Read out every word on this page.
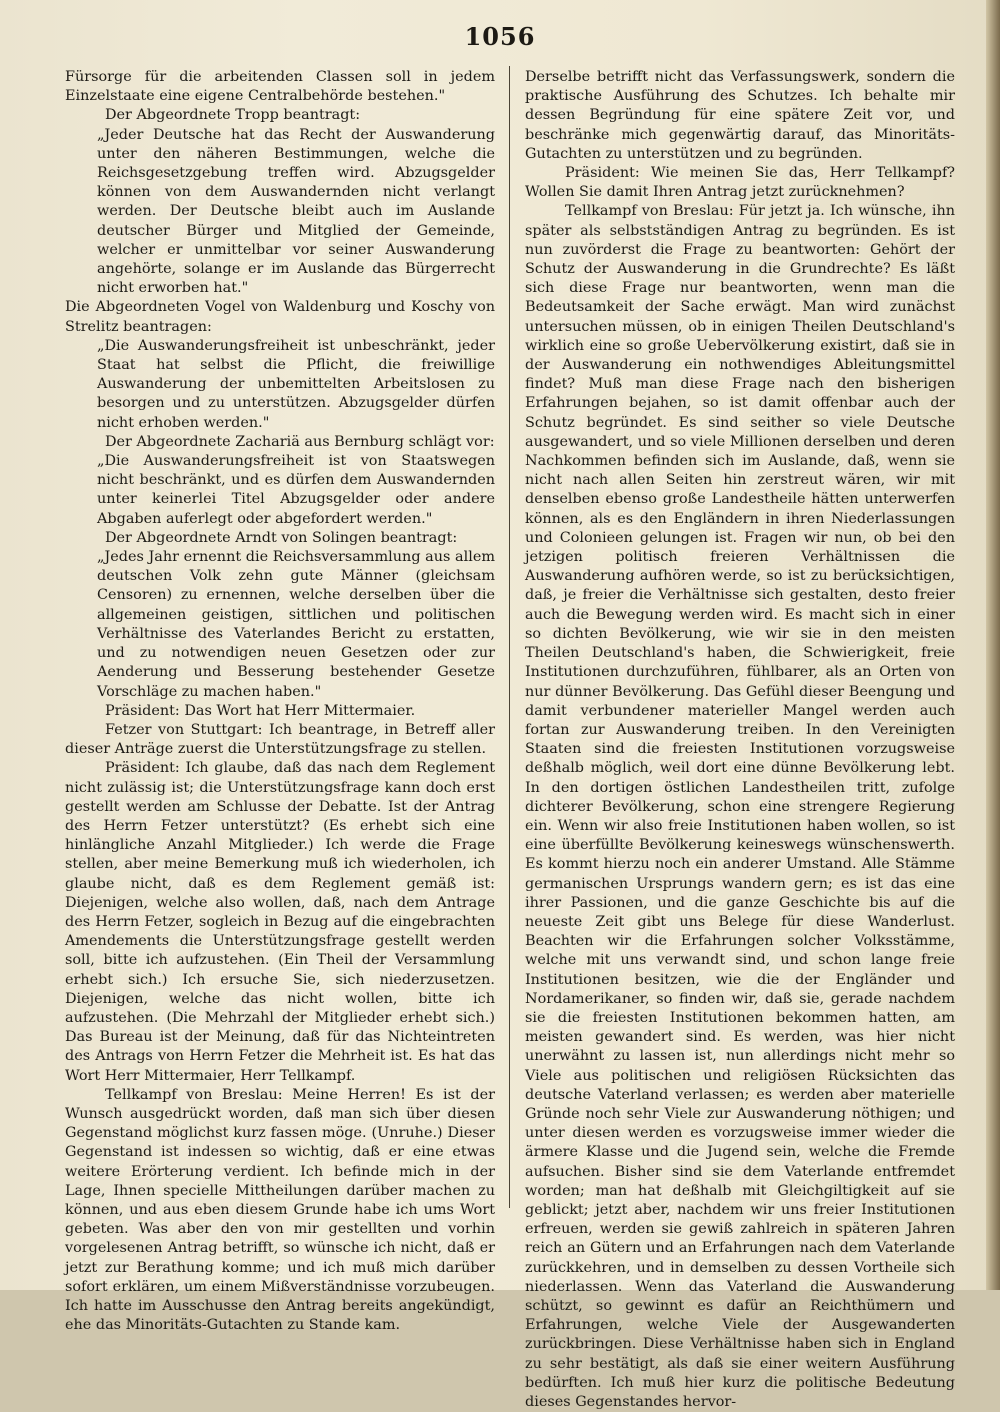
1056

Fürsorge für die arbeitenden Classen soll in jedem Einzelstaate eine eigene Centralbehörde bestehen."

Der Abgeordnete Tropp beantragt:

„Jeder Deutsche hat das Recht der Auswanderung unter den näheren Bestimmungen, welche die Reichsgesetzgebung treffen wird. Abzugsgelder können von dem Auswandernden nicht verlangt werden. Der Deutsche bleibt auch im Auslande deutscher Bürger und Mitglied der Gemeinde, welcher er unmittelbar vor seiner Auswanderung angehörte, solange er im Auslande das Bürgerrecht nicht erworben hat."

Die Abgeordneten Vogel von Waldenburg und Koschy von Strelitz beantragen:

„Die Auswanderungsfreiheit ist unbeschränkt, jeder Staat hat selbst die Pflicht, die freiwillige Auswanderung der unbemittelten Arbeitslosen zu besorgen und zu unterstützen. Abzugsgelder dürfen nicht erhoben werden."

Der Abgeordnete Zachariä aus Bernburg schlägt vor:

„Die Auswanderungsfreiheit ist von Staatswegen nicht beschränkt, und es dürfen dem Auswandernden unter keinerlei Titel Abzugsgelder oder andere Abgaben auferlegt oder abgefordert werden."

Der Abgeordnete Arndt von Solingen beantragt:

„Jedes Jahr ernennt die Reichsversammlung aus allem deutschen Volk zehn gute Männer (gleichsam Censoren) zu ernennen, welche derselben über die allgemeinen geistigen, sittlichen und politischen Verhältnisse des Vaterlandes Bericht zu erstatten, und zu notwendigen neuen Gesetzen oder zur Aenderung und Besserung bestehender Gesetze Vorschläge zu machen haben."

Präsident: Das Wort hat Herr Mittermaier.

Fetzer von Stuttgart: Ich beantrage, in Betreff aller dieser Anträge zuerst die Unterstützungsfrage zu stellen.

Präsident: Ich glaube, daß das nach dem Reglement nicht zulässig ist; die Unterstützungsfrage kann doch erst gestellt werden am Schlusse der Debatte. Ist der Antrag des Herrn Fetzer unterstützt? (Es erhebt sich eine hinlängliche Anzahl Mitglieder.) Ich werde die Frage stellen, aber meine Bemerkung muß ich wiederholen, ich glaube nicht, daß es dem Reglement gemäß ist: Diejenigen, welche also wollen, daß, nach dem Antrage des Herrn Fetzer, sogleich in Bezug auf die eingebrachten Amendements die Unterstützungsfrage gestellt werden soll, bitte ich aufzustehen. (Ein Theil der Versammlung erhebt sich.) Ich ersuche Sie, sich niederzusetzen. Diejenigen, welche das nicht wollen, bitte ich aufzustehen. (Die Mehrzahl der Mitglieder erhebt sich.) Das Bureau ist der Meinung, daß für das Nichteintreten des Antrags von Herrn Fetzer die Mehrheit ist. Es hat das Wort Herr Mittermaier, Herr Tellkampf.

Tellkampf von Breslau: Meine Herren! Es ist der Wunsch ausgedrückt worden, daß man sich über diesen Gegenstand möglichst kurz fassen möge. (Unruhe.) Dieser Gegenstand ist indessen so wichtig, daß er eine etwas weitere Erörterung verdient. Ich befinde mich in der Lage, Ihnen specielle Mittheilungen darüber machen zu können, und aus eben diesem Grunde habe ich ums Wort gebeten. Was aber den von mir gestellten und vorhin vorgelesenen Antrag betrifft, so wünsche ich nicht, daß er jetzt zur Berathung komme; und ich muß mich darüber sofort erklären, um einem Mißverständnisse vorzubeugen. Ich hatte im Ausschusse den Antrag bereits angekündigt, ehe das Minoritäts-Gutachten zu Stande kam.

Derselbe betrifft nicht das Verfassungswerk, sondern die praktische Ausführung des Schutzes. Ich behalte mir dessen Begründung für eine spätere Zeit vor, und beschränke mich gegenwärtig darauf, das Minoritäts-Gutachten zu unterstützen und zu begründen.

Präsident: Wie meinen Sie das, Herr Tellkampf? Wollen Sie damit Ihren Antrag jetzt zurücknehmen?

Tellkampf von Breslau: Für jetzt ja. Ich wünsche, ihn später als selbstständigen Antrag zu begründen. Es ist nun zuvörderst die Frage zu beantworten: Gehört der Schutz der Auswanderung in die Grundrechte? Es läßt sich diese Frage nur beantworten, wenn man die Bedeutsamkeit der Sache erwägt. Man wird zunächst untersuchen müssen, ob in einigen Theilen Deutschland's wirklich eine so große Uebervölkerung existirt, daß sie in der Auswanderung ein nothwendiges Ableitungsmittel findet? Muß man diese Frage nach den bisherigen Erfahrungen bejahen, so ist damit offenbar auch der Schutz begründet. Es sind seither so viele Deutsche ausgewandert, und so viele Millionen derselben und deren Nachkommen befinden sich im Auslande, daß, wenn sie nicht nach allen Seiten hin zerstreut wären, wir mit denselben ebenso große Landestheile hätten unterwerfen können, als es den Engländern in ihren Niederlassungen und Colonieen gelungen ist. Fragen wir nun, ob bei den jetzigen politisch freieren Verhältnissen die Auswanderung aufhören werde, so ist zu berücksichtigen, daß, je freier die Verhältnisse sich gestalten, desto freier auch die Bewegung werden wird. Es macht sich in einer so dichten Bevölkerung, wie wir sie in den meisten Theilen Deutschland's haben, die Schwierigkeit, freie Institutionen durchzuführen, fühlbarer, als an Orten von nur dünner Bevölkerung. Das Gefühl dieser Beengung und damit verbundener materieller Mangel werden auch fortan zur Auswanderung treiben. In den Vereinigten Staaten sind die freiesten Institutionen vorzugsweise deßhalb möglich, weil dort eine dünne Bevölkerung lebt. In den dortigen östlichen Landestheilen tritt, zufolge dichterer Bevölkerung, schon eine strengere Regierung ein. Wenn wir also freie Institutionen haben wollen, so ist eine überfüllte Bevölkerung keineswegs wünschenswerth. Es kommt hierzu noch ein anderer Umstand. Alle Stämme germanischen Ursprungs wandern gern; es ist das eine ihrer Passionen, und die ganze Geschichte bis auf die neueste Zeit gibt uns Belege für diese Wanderlust. Beachten wir die Erfahrungen solcher Volksstämme, welche mit uns verwandt sind, und schon lange freie Institutionen besitzen, wie die der Engländer und Nordamerikaner, so finden wir, daß sie, gerade nachdem sie die freiesten Institutionen bekommen hatten, am meisten gewandert sind. Es werden, was hier nicht unerwähnt zu lassen ist, nun allerdings nicht mehr so Viele aus politischen und religiösen Rücksichten das deutsche Vaterland verlassen; es werden aber materielle Gründe noch sehr Viele zur Auswanderung nöthigen; und unter diesen werden es vorzugsweise immer wieder die ärmere Klasse und die Jugend sein, welche die Fremde aufsuchen. Bisher sind sie dem Vaterlande entfremdet worden; man hat deßhalb mit Gleichgiltigkeit auf sie geblickt; jetzt aber, nachdem wir uns freier Institutionen erfreuen, werden sie gewiß zahlreich in späteren Jahren reich an Gütern und an Erfahrungen nach dem Vaterlande zurückkehren, und in demselben zu dessen Vortheile sich niederlassen. Wenn das Vaterland die Auswanderung schützt, so gewinnt es dafür an Reichthümern und Erfahrungen, welche Viele der Ausgewanderten zurückbringen. Diese Verhältnisse haben sich in England zu sehr bestätigt, als daß sie einer weitern Ausführung bedürften. Ich muß hier kurz die politische Bedeutung dieses Gegenstandes hervor-
